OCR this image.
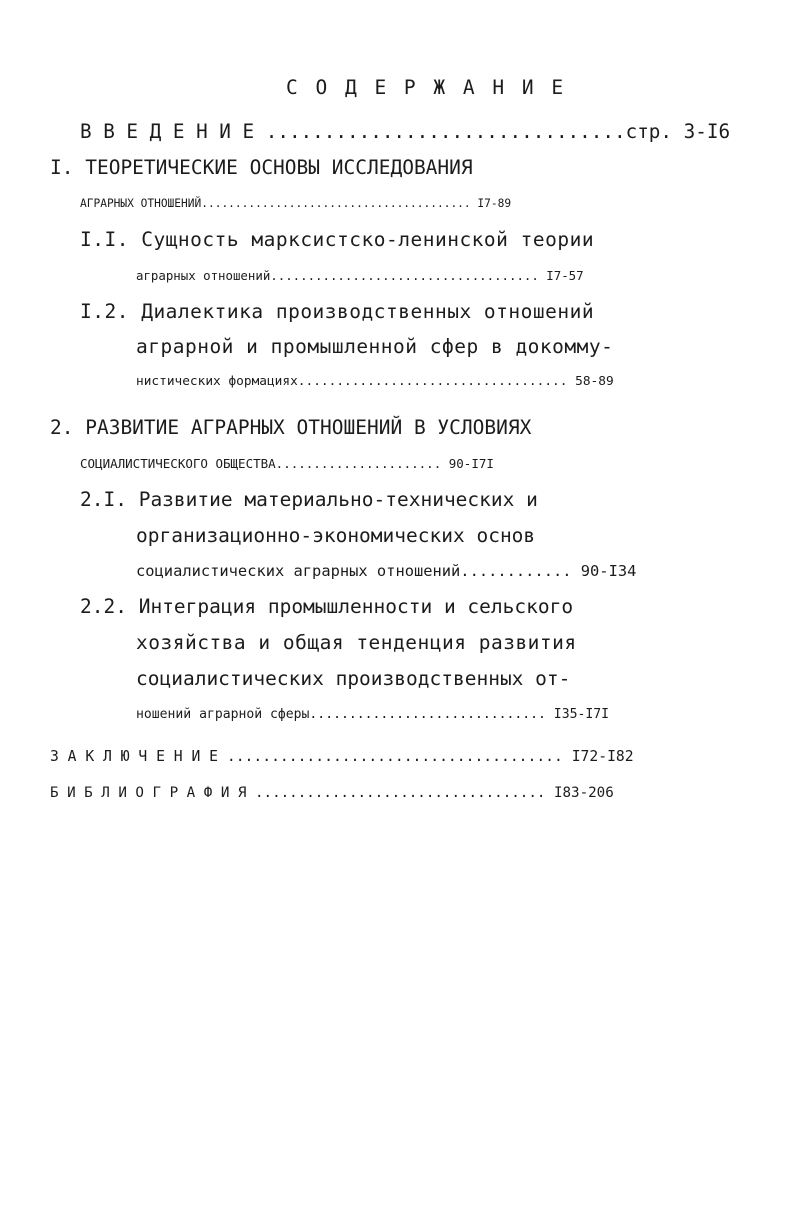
С О Д Е Р Ж А Н И Е
В В Е Д Е Н И Е ...............................стр. 3-I6
I. ТЕОРЕТИЧЕСКИЕ ОСНОВЫ ИССЛЕДОВАНИЯ
АГРАРНЫХ ОТНОШЕНИЙ........................................ I7-89
I.I. Сущность марксистско-ленинской теории
аграрных отношений.................................... I7-57
I.2. Диалектика производственных отношений
аграрной и промышленной сфер в докомму-
нистических формациях................................... 58-89
2. РАЗВИТИЕ АГРАРНЫХ ОТНОШЕНИЙ В УСЛОВИЯХ
СОЦИАЛИСТИЧЕСКОГО ОБЩЕСТВА...................... 90-I7I
2.I. Развитие материально-технических и
организационно-экономических основ
социалистических аграрных отношений............ 90-I34
2.2. Интеграция промышленности и сельского
хозяйства и общая тенденция развития
социалистических производственных от-
ношений аграрной сферы.............................. I35-I7I
З А К Л Ю Ч Е Н И Е ...................................... I72-I82
Б И Б Л И О Г Р А Ф И Я .................................. I83-206
